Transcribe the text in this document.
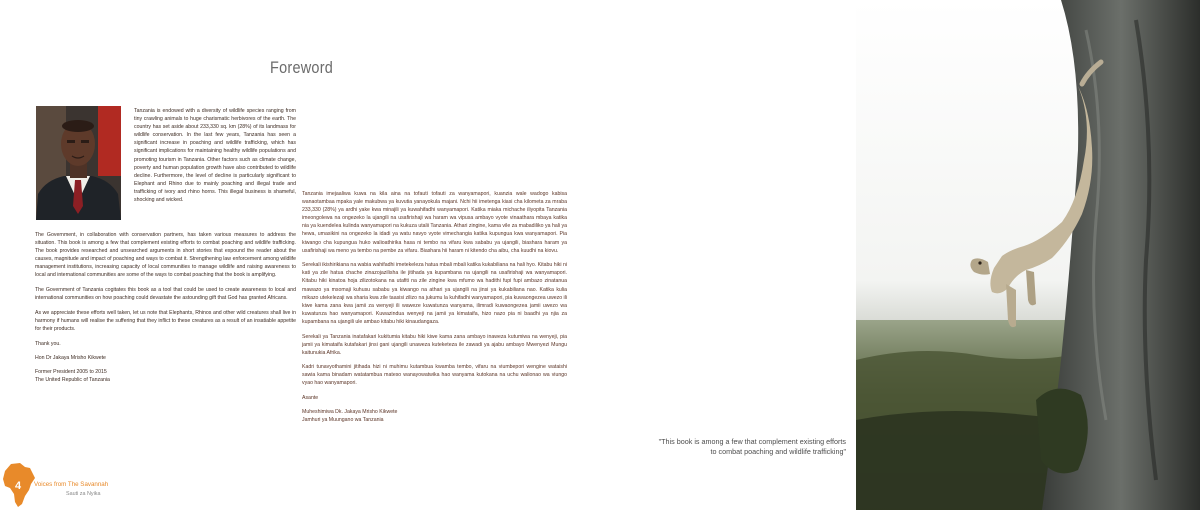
Foreword

Tanzania is endowed with a diversity of wildlife species ranging from tiny crawling animals to huge charismatic herbivores of the earth. The country has set aside about 233,330 sq. km (28%) of its landmass for wildlife conservation. In the last few years, Tanzania has seen a significant increase in poaching and wildlife trafficking, which has significant implications for maintaining healthy wildlife populations and promoting tourism in Tanzania. Other factors such as climate change, poverty and human population growth have also contributed to wildlife decline. Furthermore, the level of decline is particularly significant to Elephant and Rhino due to mainly poaching and illegal trade and trafficking of ivory and rhino horns. This illegal business is shameful, shocking and wicked.

The Government, in collaboration with conservation partners, has taken various measures to address the situation. This book is among a few that complement existing efforts to combat poaching and wildlife trafficking. The book provides researched and unsearched arguments in short stories that expound the reader about the causes, magnitude and impact of poaching and ways to combat it. Strengthening law enforcement among wildlife management institutions, increasing capacity of local communities to manage wildlife and raising awareness to local and international communities are some of the ways to combat poaching that the book is amplifying.

The Government of Tanzania cogitates this book as a tool that could be used to create awareness to local and international communities on how poaching could devastate the astounding gift that God has granted Africans.

As we appreciate these efforts well taken, let us note that Elephants, Rhinos and other wild creatures shall live in harmony if humans will realise the suffering that they inflict to these creatures as a result of an insatiable appetite for their products.

Thank you.

Hon Dr Jakaya Mrisho Kikwete

Former President 2005 to 2015

The United Republic of Tanzania

Tanzania imejaaliwa kuwa na kila aina na tofauti tofauti za wanyamapori, kuanzia wale wadogo kabisa wanaotambaa mpaka yale makubwa ya kuvutia yanayokula majani. Nchi hii imetenga kiasi cha kilometa za mraba 233,330 (28%) ya ardhi yake kwa minajili ya kuwahifadhi wanyamapori. Katika miaka michache iliyopita Tanzania imeongolewa na ongezeko la ujangili na usafirishaji wa haram wa vipusa ambayo vyote vinaathara mbaya katika nia ya kuendelea kulinda wanyamapori na kukuza utalii Tanzania. Athari zingine, kama vile za mabadiliko ya hali ya hewa, umasikini na ongezeko la idadi ya watu navyo vyote vimechangia katika kupungua kwa wanyamapori. Pia kiwango cha kupungua huko walioathirika hasa ni tembo na vifaru kwa sababu ya ujangili, biashara haram ya usafirishaji wa meno ya tembo na pembe za vifaru. Biashara hii haram ni kitendo cha aibu, cha kuudhi na kiovu.

Serekali ikishirikiana na wabia wahifadhi imetekeleza hatua mbali mbali katika kukabiliana na hali hyo. Kitabu hiki ni kati ya zile hatua chache zinazojazilisha ile jitihada ya kupambana na ujangili na usafirishaji wa wanyamapori. Kitabu hiki kinatoa hoja zilizotokana na utafiti na zile zingine kwa mfumo wa hadithi fupi fupi ambazo zinatanua mawazo ya msomaji kuhusu sababu ya kiwango na athari ya ujangili na jinsi ya kukabiliana nao. Katika kulia mikazo utekelezaji wa sharia kwa zile taasisi zilizo na jukumu la kuhifadhi wanyamapori, pia kuwaongezea uwezo ili kiwe kama zana kwa jamii za wenyeji ili waweze kuwatunza wanyama, ilimradi kuwaongezea jamii uwezo wa kuwatunza hao wanyamapori. Kuwazindua wenyeji na jamii ya kimataifa, hizo nazo pia ni baadhi ya njia za kupambana na ujangili ule ambao kitabu hiki kinaudangaza.

Serekali ya Tanzania inatafakari kukitumia kitabu hiki kiwe kama zana ambayo inaweza kutumiwa na wenyeji, pia jamii ya kimataifa kutafakari jinsi gani ujangili unaweza kuteketeza ile zawadi ya ajabu ambayo Mwenyezi Mungu kaitunukia Afrika.

Kadri tunavyothamini jitihada hizi ni muhimu kutambua kwamba tembo, vifaru na viumbepori wengine wataishi sawia kama binadam watatambua mateso wanayowatwika hao wanyama kutokana na uchu walionao wa viungo vyao hao wanyamapori.

Asante

Muheshimiwa Dk. Jakaya Mrisho Kikwete

Jamhuri ya Muungano wa Tanzania

"This book is among a few that complement existing efforts
to combat poaching and wildlife trafficking"
4 Voices from The Savannah
Sauti za Nyika
